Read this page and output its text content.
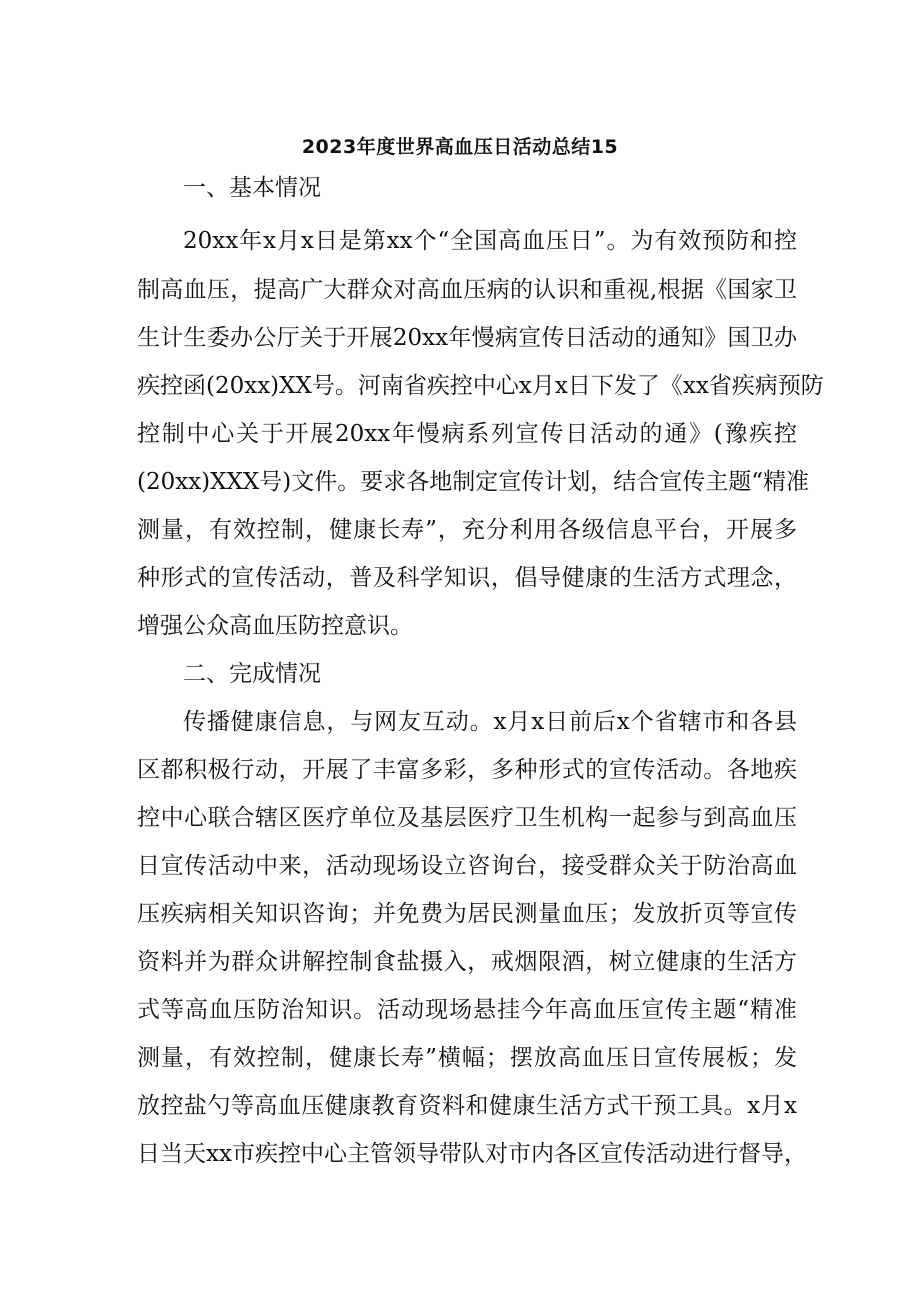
2023年度世界高血压日活动总结15
一、基本情况
20xx年x月x日是第xx个“全国高血压日”。为有效预防和控
制高血压，提高广大群众对高血压病的认识和重视,根据《国家卫
生计生委办公厅关于开展20xx年慢病宣传日活动的通知》国卫办
疾控函(20xx)XX号。河南省疾控中心x月x日下发了《xx省疾病预防
控制中心关于开展20xx年慢病系列宣传日活动的通》(豫疾控
(20xx)XXX号)文件。要求各地制定宣传计划，结合宣传主题“精准
测量，有效控制，健康长寿”，充分利用各级信息平台，开展多
种形式的宣传活动，普及科学知识，倡导健康的生活方式理念，
增强公众高血压防控意识。
二、完成情况
传播健康信息，与网友互动。x月x日前后x个省辖市和各县
区都积极行动，开展了丰富多彩，多种形式的宣传活动。各地疾
控中心联合辖区医疗单位及基层医疗卫生机构一起参与到高血压
日宣传活动中来，活动现场设立咨询台，接受群众关于防治高血
压疾病相关知识咨询；并免费为居民测量血压；发放折页等宣传
资料并为群众讲解控制食盐摄入，戒烟限酒，树立健康的生活方
式等高血压防治知识。活动现场悬挂今年高血压宣传主题“精准
测量，有效控制，健康长寿”横幅；摆放高血压日宣传展板；发
放控盐勺等高血压健康教育资料和健康生活方式干预工具。x月x
日当天xx市疾控中心主管领导带队对市内各区宣传活动进行督导，
